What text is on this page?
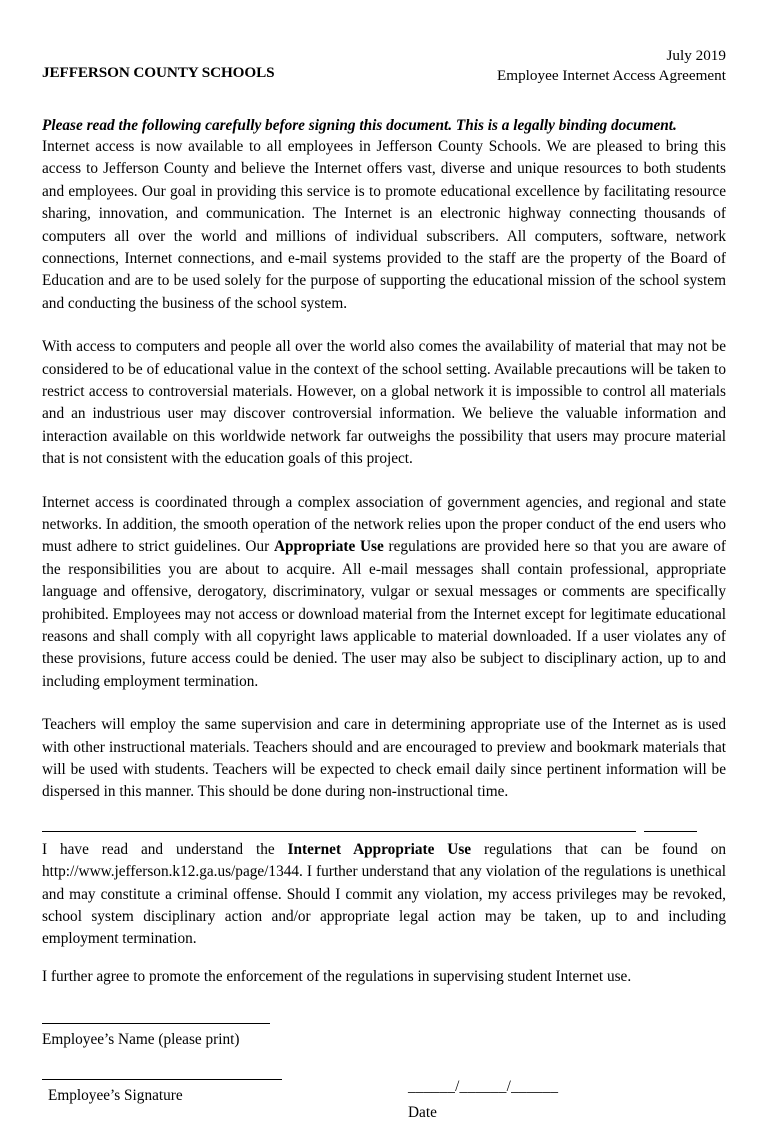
JEFFERSON COUNTY SCHOOLS
July 2019
Employee Internet Access Agreement
Please read the following carefully before signing this document. This is a legally binding document.

Internet access is now available to all employees in Jefferson County Schools. We are pleased to bring this access to Jefferson County and believe the Internet offers vast, diverse and unique resources to both students and employees. Our goal in providing this service is to promote educational excellence by facilitating resource sharing, innovation, and communication. The Internet is an electronic highway connecting thousands of computers all over the world and millions of individual subscribers. All computers, software, network connections, Internet connections, and e-mail systems provided to the staff are the property of the Board of Education and are to be used solely for the purpose of supporting the educational mission of the school system and conducting the business of the school system.

With access to computers and people all over the world also comes the availability of material that may not be considered to be of educational value in the context of the school setting. Available precautions will be taken to restrict access to controversial materials. However, on a global network it is impossible to control all materials and an industrious user may discover controversial information. We believe the valuable information and interaction available on this worldwide network far outweighs the possibility that users may procure material that is not consistent with the education goals of this project.

Internet access is coordinated through a complex association of government agencies, and regional and state networks. In addition, the smooth operation of the network relies upon the proper conduct of the end users who must adhere to strict guidelines. Our Appropriate Use regulations are provided here so that you are aware of the responsibilities you are about to acquire. All e-mail messages shall contain professional, appropriate language and offensive, derogatory, discriminatory, vulgar or sexual messages or comments are specifically prohibited. Employees may not access or download material from the Internet except for legitimate educational reasons and shall comply with all copyright laws applicable to material downloaded. If a user violates any of these provisions, future access could be denied. The user may also be subject to disciplinary action, up to and including employment termination.

Teachers will employ the same supervision and care in determining appropriate use of the Internet as is used with other instructional materials. Teachers should and are encouraged to preview and bookmark materials that will be used with students. Teachers will be expected to check email daily since pertinent information will be dispersed in this manner. This should be done during non-instructional time.

I have read and understand the Internet Appropriate Use regulations that can be found on http://www.jefferson.k12.ga.us/page/1344. I further understand that any violation of the regulations is unethical and may constitute a criminal offense. Should I commit any violation, my access privileges may be revoked, school system disciplinary action and/or appropriate legal action may be taken, up to and including employment termination.

I further agree to promote the enforcement of the regulations in supervising student Internet use.

Employee’s Name (please print)
Employee’s Signature
______/______/______
Date
